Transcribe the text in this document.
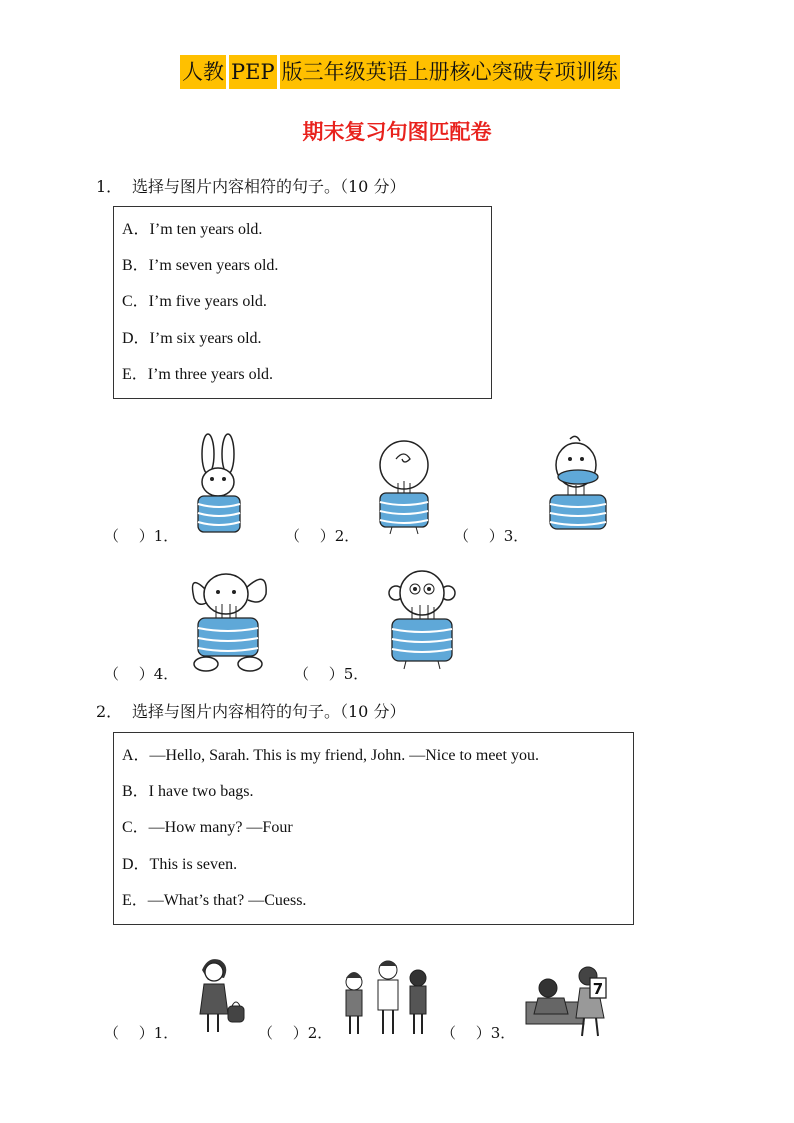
人教 PEP 版三年级英语上册核心突破专项训练
期末复习句图匹配卷
1． 选择与图片内容相符的句子。（10 分）
A．I’m ten years old.
B．I’m seven years old.
C．I’m five years old.
D．I’m six years old.
E．I’m three years old.
（　 ）1．	（　 ）2．	（　 ）3．
（　 ）4．	（　 ）5．
2． 选择与图片内容相符的句子。（10 分）
A．—Hello, Sarah. This is my friend, John. —Nice to meet you.
B．I have two bags.
C．—How many? —Four
D．This is seven.
E．—What’s that? —Cuess.
7
（　 ）1．	（　 ）2．	（　 ）3．
